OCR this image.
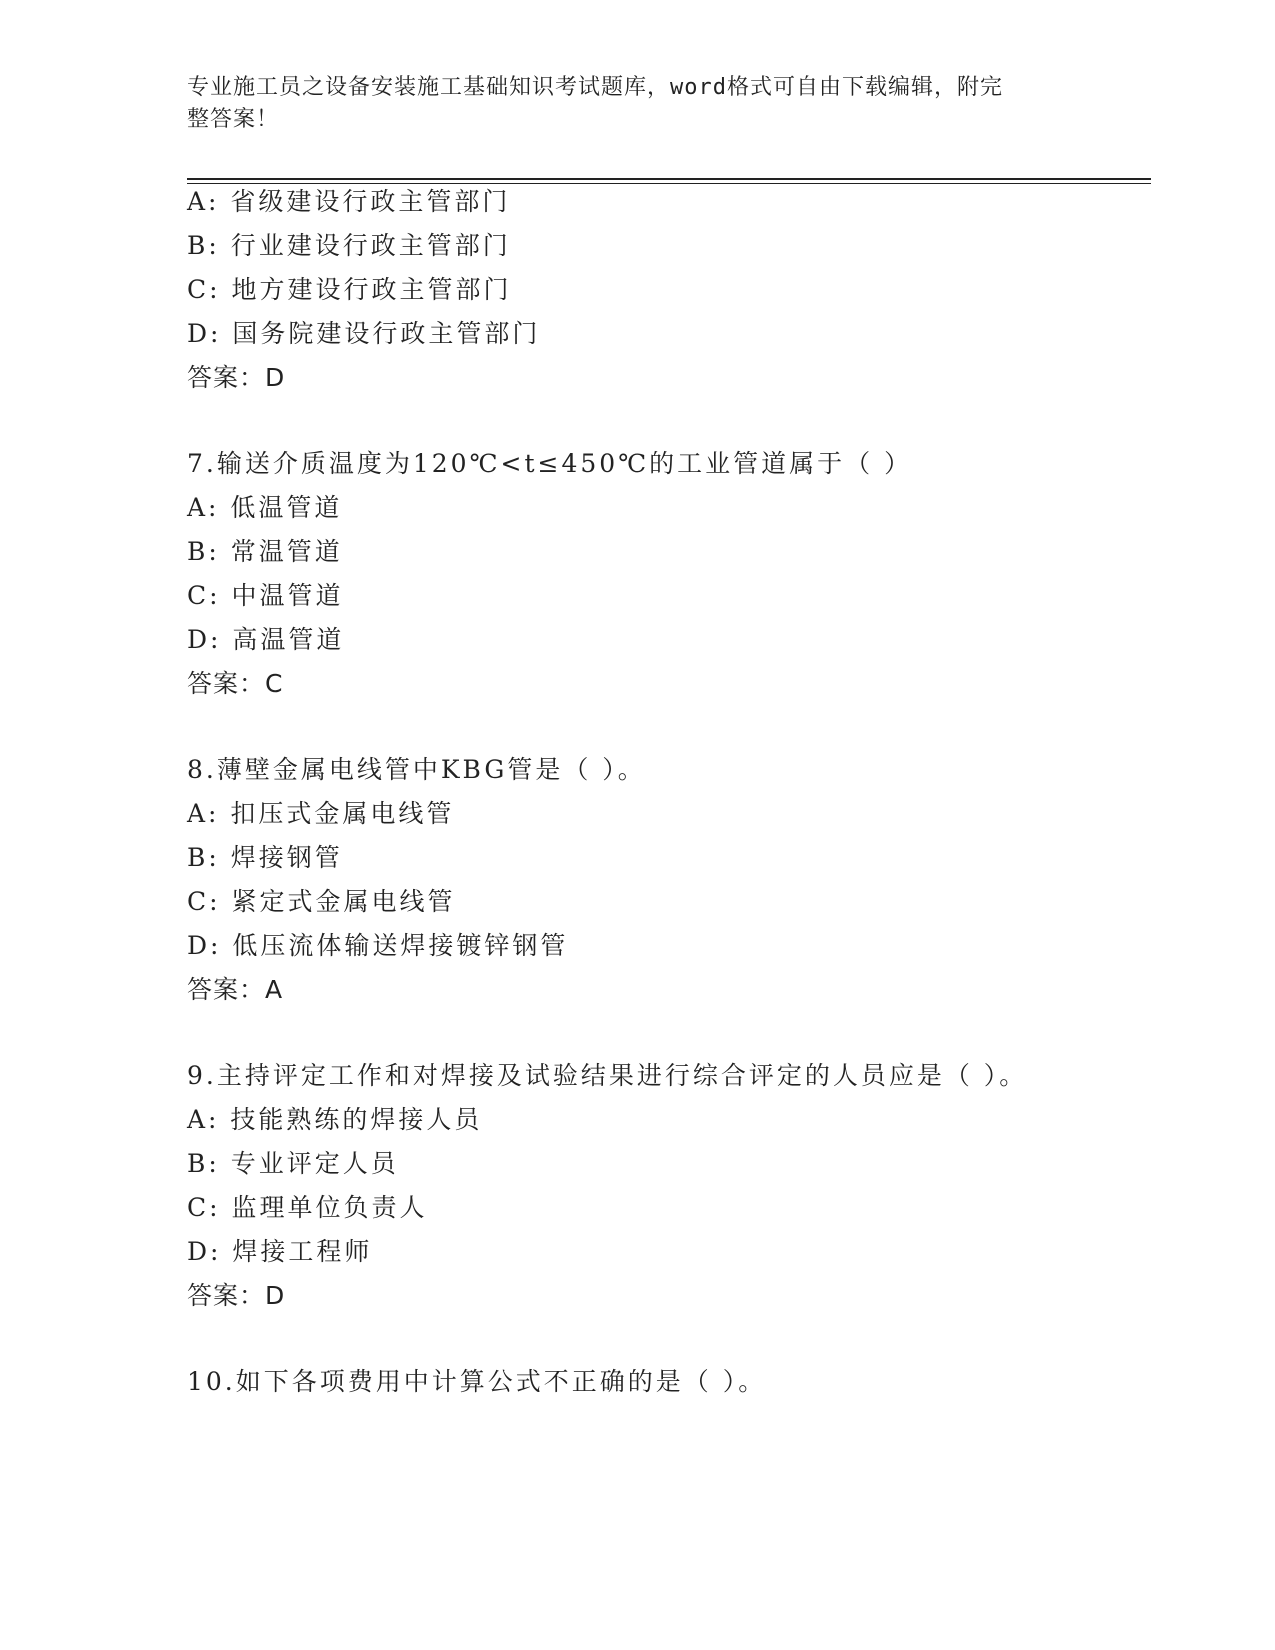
专业施工员之设备安装施工基础知识考试题库，word格式可自由下载编辑，附完
整答案！
A: 省级建设行政主管部门
B: 行业建设行政主管部门
C: 地方建设行政主管部门
D: 国务院建设行政主管部门
答案：D
7.输送介质温度为120℃<t≤450℃的工业管道属于（ ）
A: 低温管道
B: 常温管道
C: 中温管道
D: 高温管道
答案：C
8.薄壁金属电线管中KBG管是（ ）。
A: 扣压式金属电线管
B: 焊接钢管
C: 紧定式金属电线管
D: 低压流体输送焊接镀锌钢管
答案：A
9.主持评定工作和对焊接及试验结果进行综合评定的人员应是（ ）。
A: 技能熟练的焊接人员
B: 专业评定人员
C: 监理单位负责人
D: 焊接工程师
答案：D
10.如下各项费用中计算公式不正确的是（ ）。
